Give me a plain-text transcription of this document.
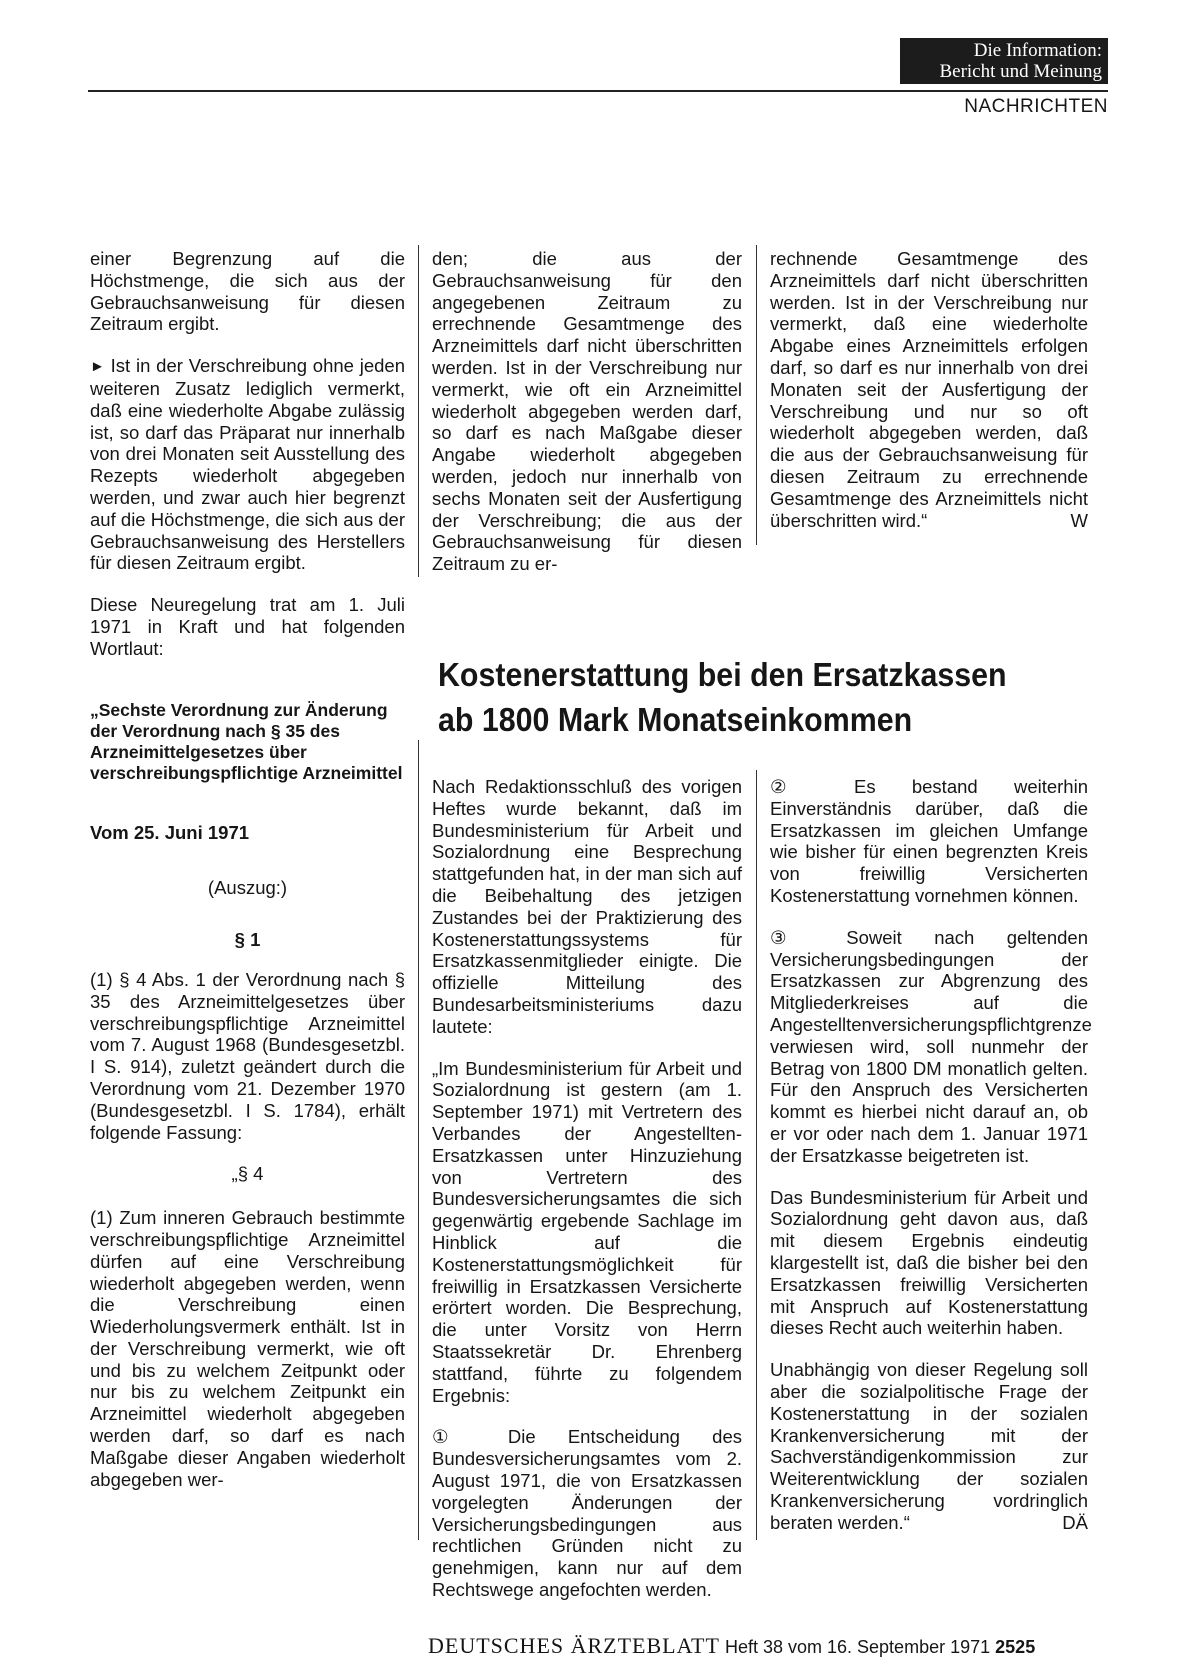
Die Information:
Bericht und Meinung
NACHRICHTEN

einer Begrenzung auf die Höchstmenge, die sich aus der Gebrauchsanweisung für diesen Zeitraum ergibt.

► Ist in der Verschreibung ohne jeden weiteren Zusatz lediglich vermerkt, daß eine wiederholte Abgabe zulässig ist, so darf das Präparat nur innerhalb von drei Monaten seit Ausstellung des Rezepts wiederholt abgegeben werden, und zwar auch hier begrenzt auf die Höchstmenge, die sich aus der Gebrauchsanweisung des Herstellers für diesen Zeitraum ergibt.

Diese Neuregelung trat am 1. Juli 1971 in Kraft und hat folgenden Wortlaut:

„Sechste Verordnung zur Änderung der Verordnung nach § 35 des Arzneimittelgesetzes über verschreibungspflichtige Arzneimittel

Vom 25. Juni 1971

(Auszug:)

§ 1

(1) § 4 Abs. 1 der Verordnung nach § 35 des Arzneimittelgesetzes über verschreibungspflichtige Arzneimittel vom 7. August 1968 (Bundesgesetzbl. I S. 914), zuletzt geändert durch die Verordnung vom 21. Dezember 1970 (Bundesgesetzbl. I S. 1784), erhält folgende Fassung:

„§ 4

(1) Zum inneren Gebrauch bestimmte verschreibungspflichtige Arzneimittel dürfen auf eine Verschreibung wiederholt abgegeben werden, wenn die Verschreibung einen Wiederholungsvermerk enthält. Ist in der Verschreibung vermerkt, wie oft und bis zu welchem Zeitpunkt oder nur bis zu welchem Zeitpunkt ein Arzneimittel wiederholt abgegeben werden darf, so darf es nach Maßgabe dieser Angaben wiederholt abgegeben wer-

den; die aus der Gebrauchsanweisung für den angegebenen Zeitraum zu errechnende Gesamtmenge des Arzneimittels darf nicht überschritten werden. Ist in der Verschreibung nur vermerkt, wie oft ein Arzneimittel wiederholt abgegeben werden darf, so darf es nach Maßgabe dieser Angabe wiederholt abgegeben werden, jedoch nur innerhalb von sechs Monaten seit der Ausfertigung der Verschreibung; die aus der Gebrauchsanweisung für diesen Zeitraum zu er-

rechnende Gesamtmenge des Arzneimittels darf nicht überschritten werden. Ist in der Verschreibung nur vermerkt, daß eine wiederholte Abgabe eines Arzneimittels erfolgen darf, so darf es nur innerhalb von drei Monaten seit der Ausfertigung der Verschreibung und nur so oft wiederholt abgegeben werden, daß die aus der Gebrauchsanweisung für diesen Zeitraum zu errechnende Gesamtmenge des Arzneimittels nicht überschritten wird.“	W

Kostenerstattung bei den Ersatzkassen ab 1800 Mark Monatseinkommen

Nach Redaktionsschluß des vorigen Heftes wurde bekannt, daß im Bundesministerium für Arbeit und Sozialordnung eine Besprechung stattgefunden hat, in der man sich auf die Beibehaltung des jetzigen Zustandes bei der Praktizierung des Kostenerstattungssystems für Ersatzkassenmitglieder einigte. Die offizielle Mitteilung des Bundesarbeitsministeriums dazu lautete:

„Im Bundesministerium für Arbeit und Sozialordnung ist gestern (am 1. September 1971) mit Vertretern des Verbandes der Angestellten-Ersatzkassen unter Hinzuziehung von Vertretern des Bundesversicherungsamtes die sich gegenwärtig ergebende Sachlage im Hinblick auf die Kostenerstattungsmöglichkeit für freiwillig in Ersatzkassen Versicherte erörtert worden. Die Besprechung, die unter Vorsitz von Herrn Staatssekretär Dr. Ehrenberg stattfand, führte zu folgendem Ergebnis:

① Die Entscheidung des Bundesversicherungsamtes vom 2. August 1971, die von Ersatzkassen vorgelegten Änderungen der Versicherungsbedingungen aus rechtlichen Gründen nicht zu genehmigen, kann nur auf dem Rechtswege angefochten werden.

② Es bestand weiterhin Einverständnis darüber, daß die Ersatzkassen im gleichen Umfange wie bisher für einen begrenzten Kreis von freiwillig Versicherten Kostenerstattung vornehmen können.

③ Soweit nach geltenden Versicherungsbedingungen der Ersatzkassen zur Abgrenzung des Mitgliederkreises auf die Angestelltenversicherungspflichtgrenze verwiesen wird, soll nunmehr der Betrag von 1800 DM monatlich gelten. Für den Anspruch des Versicherten kommt es hierbei nicht darauf an, ob er vor oder nach dem 1. Januar 1971 der Ersatzkasse beigetreten ist.

Das Bundesministerium für Arbeit und Sozialordnung geht davon aus, daß mit diesem Ergebnis eindeutig klargestellt ist, daß die bisher bei den Ersatzkassen freiwillig Versicherten mit Anspruch auf Kostenerstattung dieses Recht auch weiterhin haben.

Unabhängig von dieser Regelung soll aber die sozialpolitische Frage der Kostenerstattung in der sozialen Krankenversicherung mit der Sachverständigenkommission zur Weiterentwicklung der sozialen Krankenversicherung vordringlich beraten werden.“	DÄ

DEUTSCHES ÄRZTEBLATT Heft 38 vom 16. September 1971 2525
